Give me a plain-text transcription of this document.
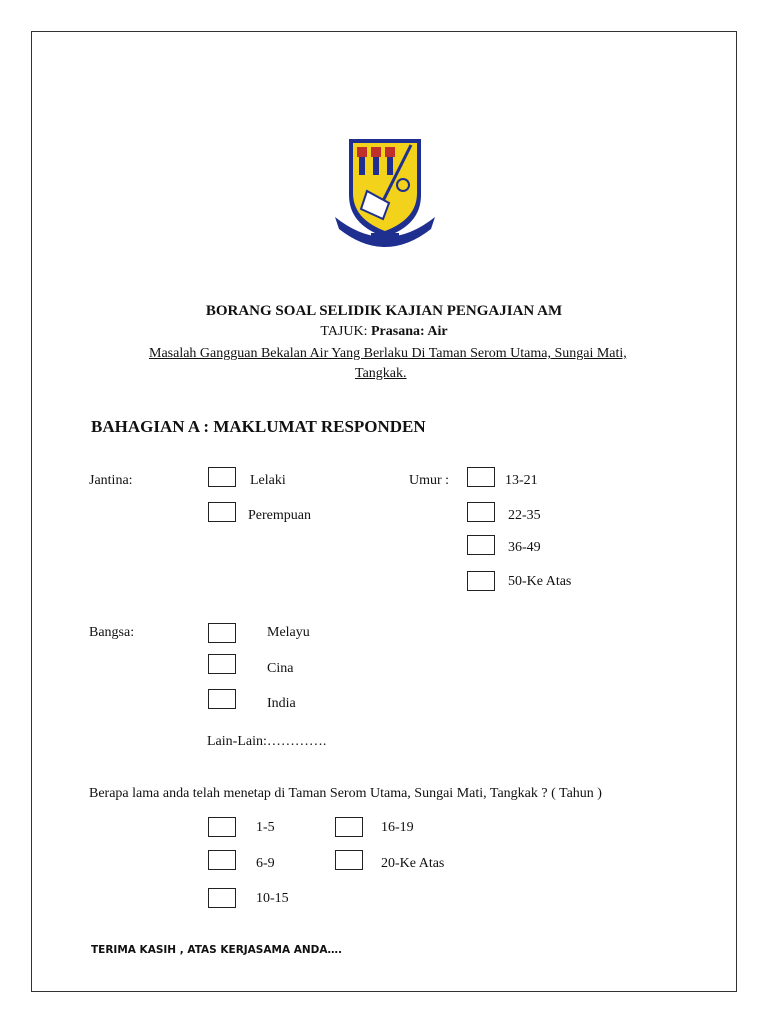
BORANG SOAL SELIDIK KAJIAN PENGAJIAN AM
TAJUK: Prasana: Air
Masalah Gangguan Bekalan Air Yang Berlaku Di Taman Serom Utama, Sungai Mati,
Tangkak.
BAHAGIAN A : MAKLUMAT RESPONDEN
Jantina:	Lelaki
Perempuan
Umur :	13-21
22-35
36-49
50-Ke Atas
Bangsa:	Melayu
Cina
India
Lain-Lain:………….
Berapa lama anda telah menetap di Taman Serom Utama, Sungai Mati, Tangkak ? ( Tahun )
1-5
6-9
10-15
16-19
20-Ke Atas
TERIMA KASIH , ATAS KERJASAMA ANDA….
